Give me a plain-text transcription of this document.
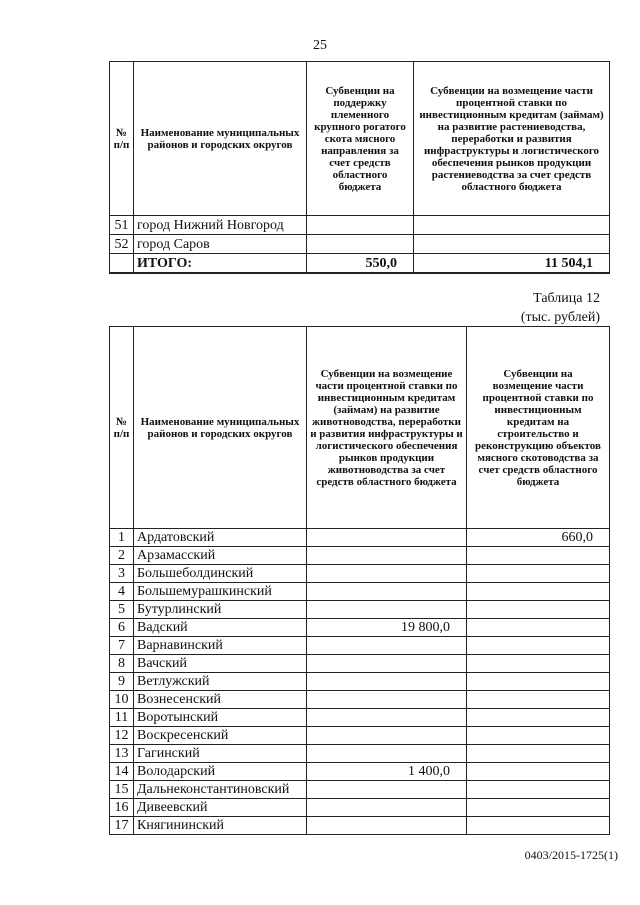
25
№ п/п	Наименование муниципальных районов и городских округов	Субвенции на поддержку племенного крупного рогатого скота мясного направления за счет средств областного бюджета	Субвенции на возмещение части процентной ставки по инвестиционным кредитам (займам) на развитие растениеводства, переработки и развития инфраструктуры и логистического обеспечения рынков продукции растениеводства за счет средств областного бюджета
51	город Нижний Новгород		
52	город Саров		
	ИТОГО:	550,0	11 504,1
Таблица 12
(тыс. рублей)
№ п/п	Наименование муниципальных районов и городских округов	Субвенции на возмещение части процентной ставки по инвестиционным кредитам (займам) на развитие животноводства, переработки и развития инфраструктуры и логистического обеспечения рынков продукции животноводства за счет средств областного бюджета	Субвенции на возмещение части процентной ставки по инвестиционным кредитам на строительство и реконструкцию объектов мясного скотоводства за счет средств областного бюджета
1	Ардатовский		660,0
2	Арзамасский		
3	Большеболдинский		
4	Большемурашкинский		
5	Бутурлинский		
6	Вадский	19 800,0	
7	Варнавинский		
8	Вачский		
9	Ветлужский		
10	Вознесенский		
11	Воротынский		
12	Воскресенский		
13	Гагинский		
14	Володарский	1 400,0	
15	Дальнеконстантиновский		
16	Дивеевский		
17	Княгининский		
0403/2015-1725(1)
